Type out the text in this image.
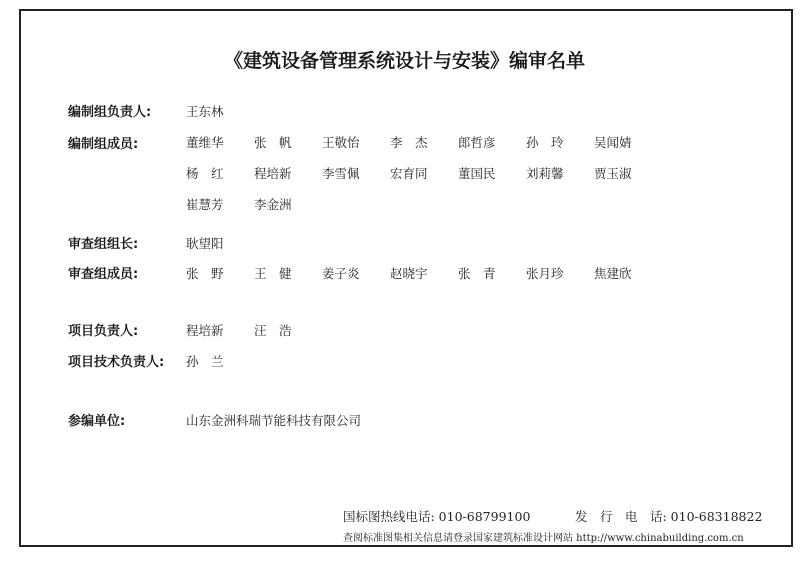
《建筑设备管理系统设计与安装》编审名单
编制组负责人:	王东林
编制组成员:	董维华 张　帆 王敬怡 李　杰 郎哲彦 孙　玲 吴闻婧
杨　红 程培新 李雪佩 宏育同 董国民 刘莉馨 贾玉淑
崔慧芳 李金洲
审查组组长:	耿望阳
审查组成员:	张　野 王　健 姜子炎 赵晓宇 张　青 张月珍 焦建欣
项目负责人:	程培新 汪　浩
项目技术负责人: 孙　兰
参编单位:	山东金洲科瑞节能科技有限公司
国标图热线电话: 010-68799100	发　行　电　话: 010-68318822
查阅标准图集相关信息请登录国家建筑标准设计网站 http://www.chinabuilding.com.cn
